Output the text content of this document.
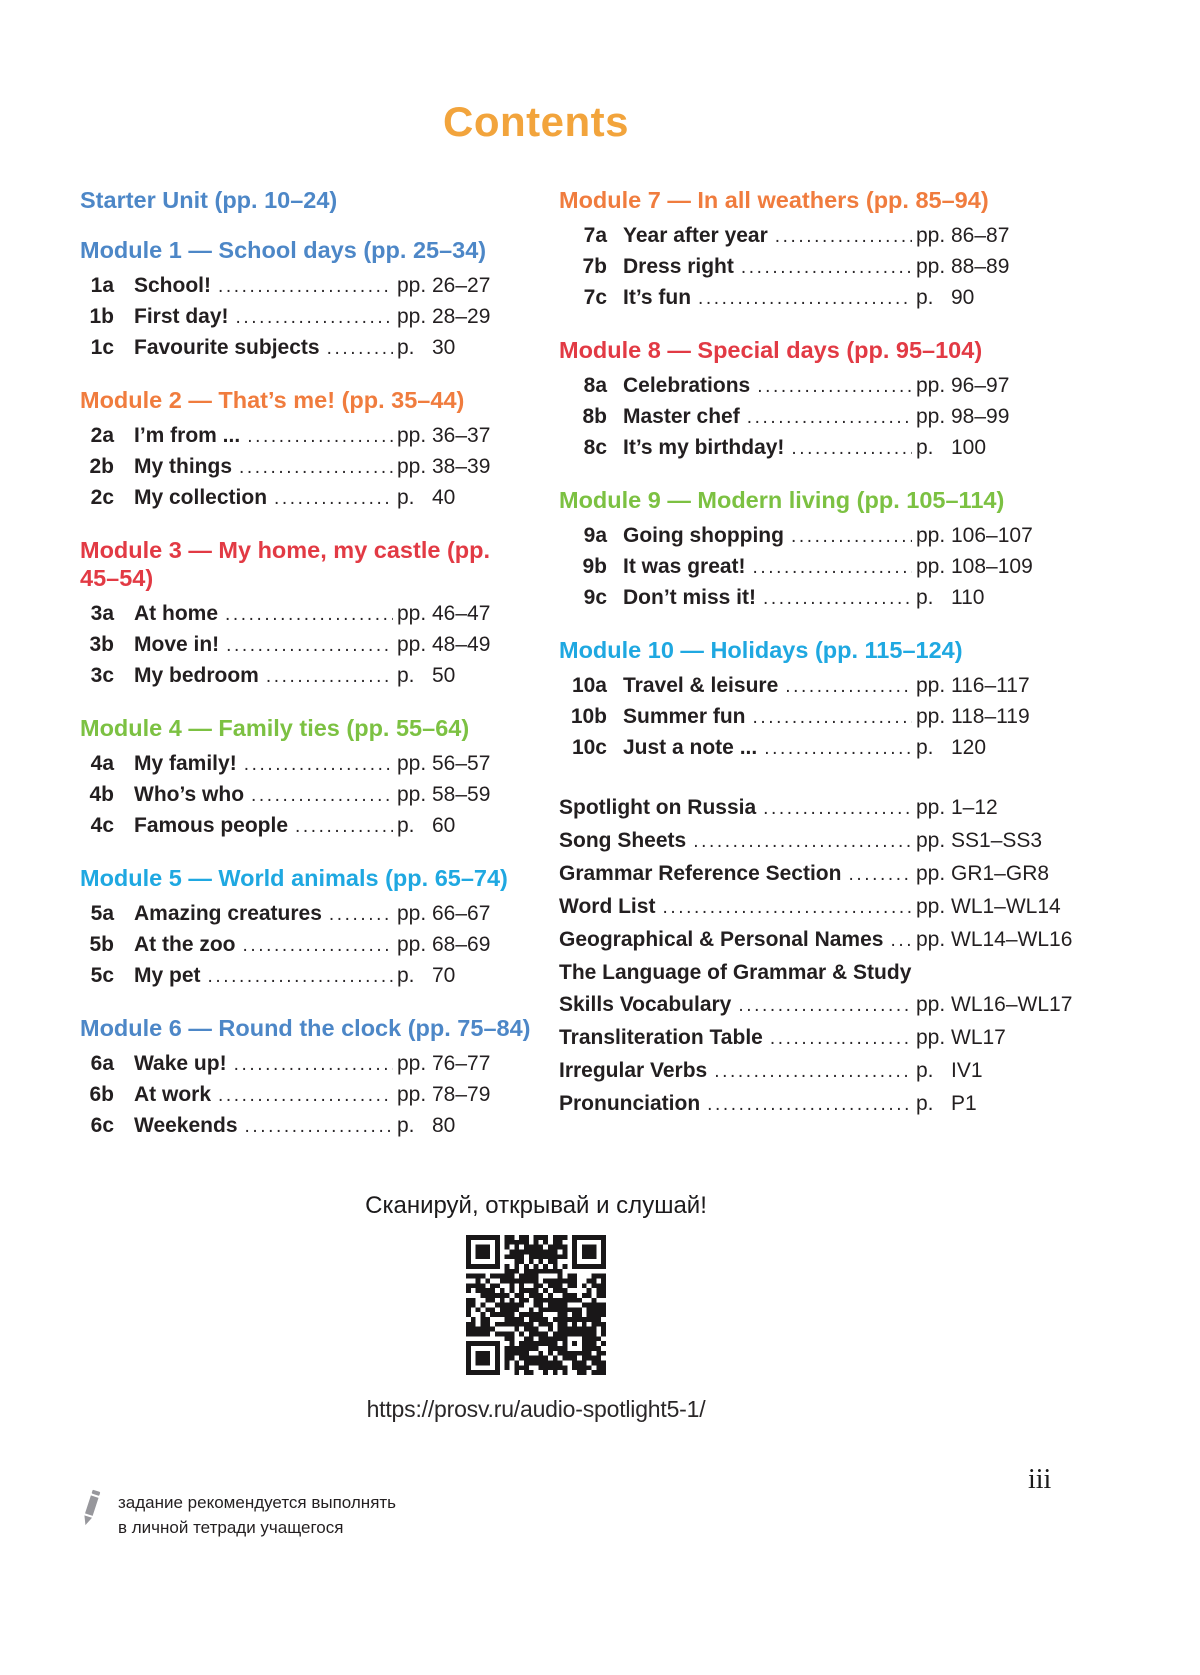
Contents
Starter Unit (pp. 10–24)
Module 1 — School days (pp. 25–34)
1a School! .....	pp. 26–27
1b First day! .....	pp. 28–29
1c Favourite subjects .....	p. 30
Module 2 — That’s me! (pp. 35–44)
2a I’m from ... .....	pp. 36–37
2b My things .....	pp. 38–39
2c My collection .....	p. 40
Module 3 — My home, my castle (pp. 45–54)
3a At home .....	pp. 46–47
3b Move in! .....	pp. 48–49
3c My bedroom .....	p. 50
Module 4 — Family ties (pp. 55–64)
4a My family! .....	pp. 56–57
4b Who’s who .....	pp. 58–59
4c Famous people .....	p. 60
Module 5 — World animals (pp. 65–74)
5a Amazing creatures .....	pp. 66–67
5b At the zoo .....	pp. 68–69
5c My pet .....	p. 70
Module 6 — Round the clock (pp. 75–84)
6a Wake up! .....	pp. 76–77
6b At work .....	pp. 78–79
6c Weekends .....	p. 80
Module 7 — In all weathers (pp. 85–94)
7a Year after year .....	pp. 86–87
7b Dress right .....	pp. 88–89
7c It’s fun .....	p. 90
Module 8 — Special days (pp. 95–104)
8a Celebrations .....	pp. 96–97
8b Master chef .....	pp. 98–99
8c It’s my birthday! .....	p. 100
Module 9 — Modern living (pp. 105–114)
9a Going shopping .....	pp. 106–107
9b It was great! .....	pp. 108–109
9c Don’t miss it! .....	p. 110
Module 10 — Holidays (pp. 115–124)
10a Travel & leisure .....	pp. 116–117
10b Summer fun .....	pp. 118–119
10c Just a note ... .....	p. 120
Spotlight on Russia .....	pp. 1–12
Song Sheets .....	pp. SS1–SS3
Grammar Reference Section .....	pp. GR1–GR8
Word List .....	pp. WL1–WL14
Geographical & Personal Names ..... pp. WL14–WL16
The Language of Grammar & Study
Skills Vocabulary .....	pp. WL16–WL17
Transliteration Table .....	pp. WL17
Irregular Verbs .....	p. IV1
Pronunciation .....	p. P1
Сканируй, открывай и слушай!
https://prosv.ru/audio-spotlight5-1/
задание рекомендуется выполнять
в личной тетради учащегося
iii
